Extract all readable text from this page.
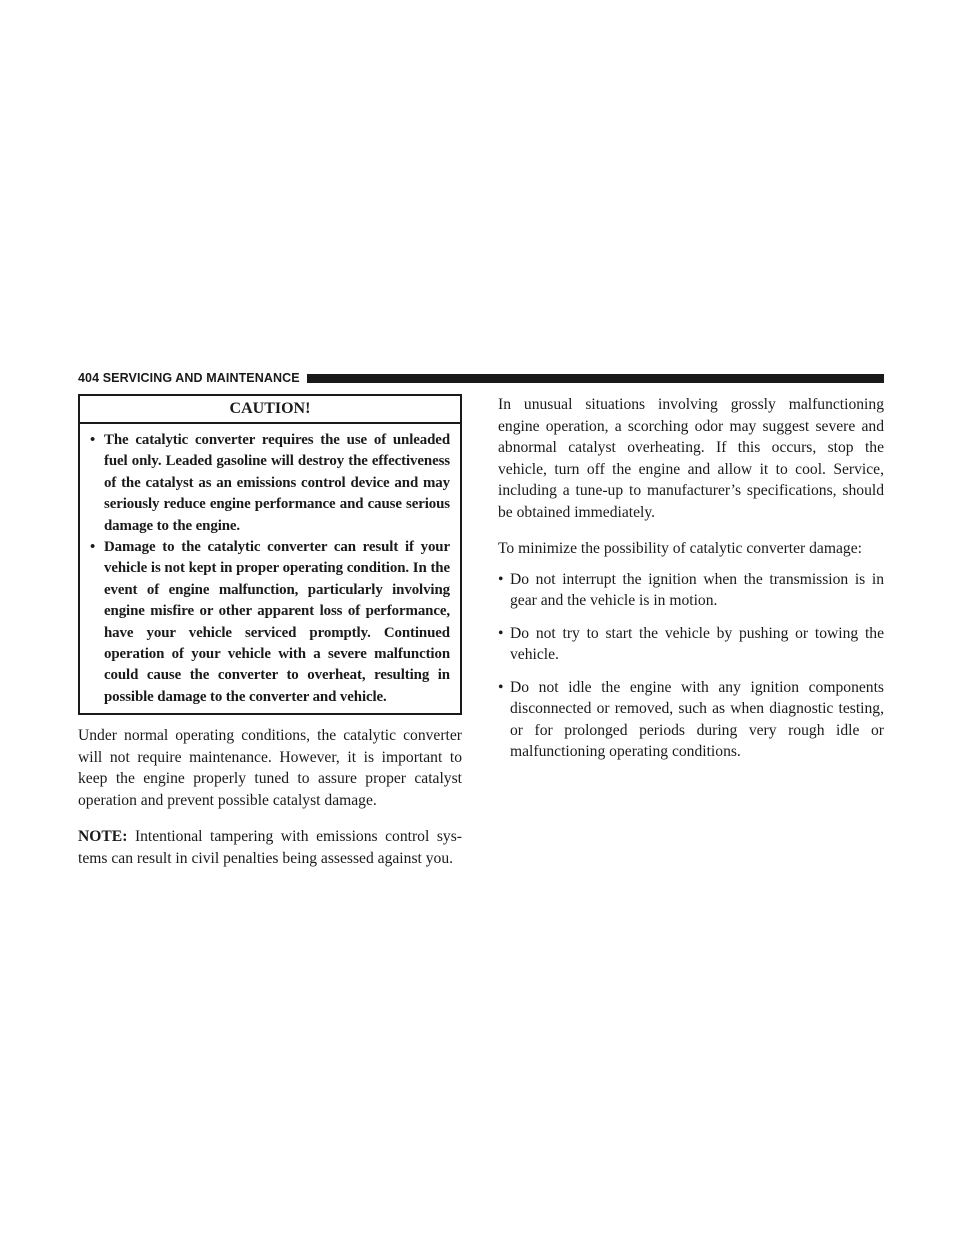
404 SERVICING AND MAINTENANCE
CAUTION!
• The catalytic converter requires the use of unleaded fuel only. Leaded gasoline will destroy the effectiveness of the catalyst as an emissions control device and may seriously reduce engine performance and cause serious damage to the engine.
• Damage to the catalytic converter can result if your vehicle is not kept in proper operating condition. In the event of engine malfunction, particularly involving engine misfire or other apparent loss of performance, have your vehicle serviced promptly. Continued operation of your vehicle with a severe malfunction could cause the converter to overheat, resulting in possible damage to the converter and vehicle.

Under normal operating conditions, the catalytic converter will not require maintenance. However, it is important to keep the engine properly tuned to assure proper catalyst operation and prevent possible catalyst damage.

NOTE: Intentional tampering with emissions control systems can result in civil penalties being assessed against you.

In unusual situations involving grossly malfunctioning engine operation, a scorching odor may suggest severe and abnormal catalyst overheating. If this occurs, stop the vehicle, turn off the engine and allow it to cool. Service, including a tune-up to manufacturer’s specifications, should be obtained immediately.

To minimize the possibility of catalytic converter damage:

• Do not interrupt the ignition when the transmission is in gear and the vehicle is in motion.
• Do not try to start the vehicle by pushing or towing the vehicle.
• Do not idle the engine with any ignition components disconnected or removed, such as when diagnostic testing, or for prolonged periods during very rough idle or malfunctioning operating conditions.
